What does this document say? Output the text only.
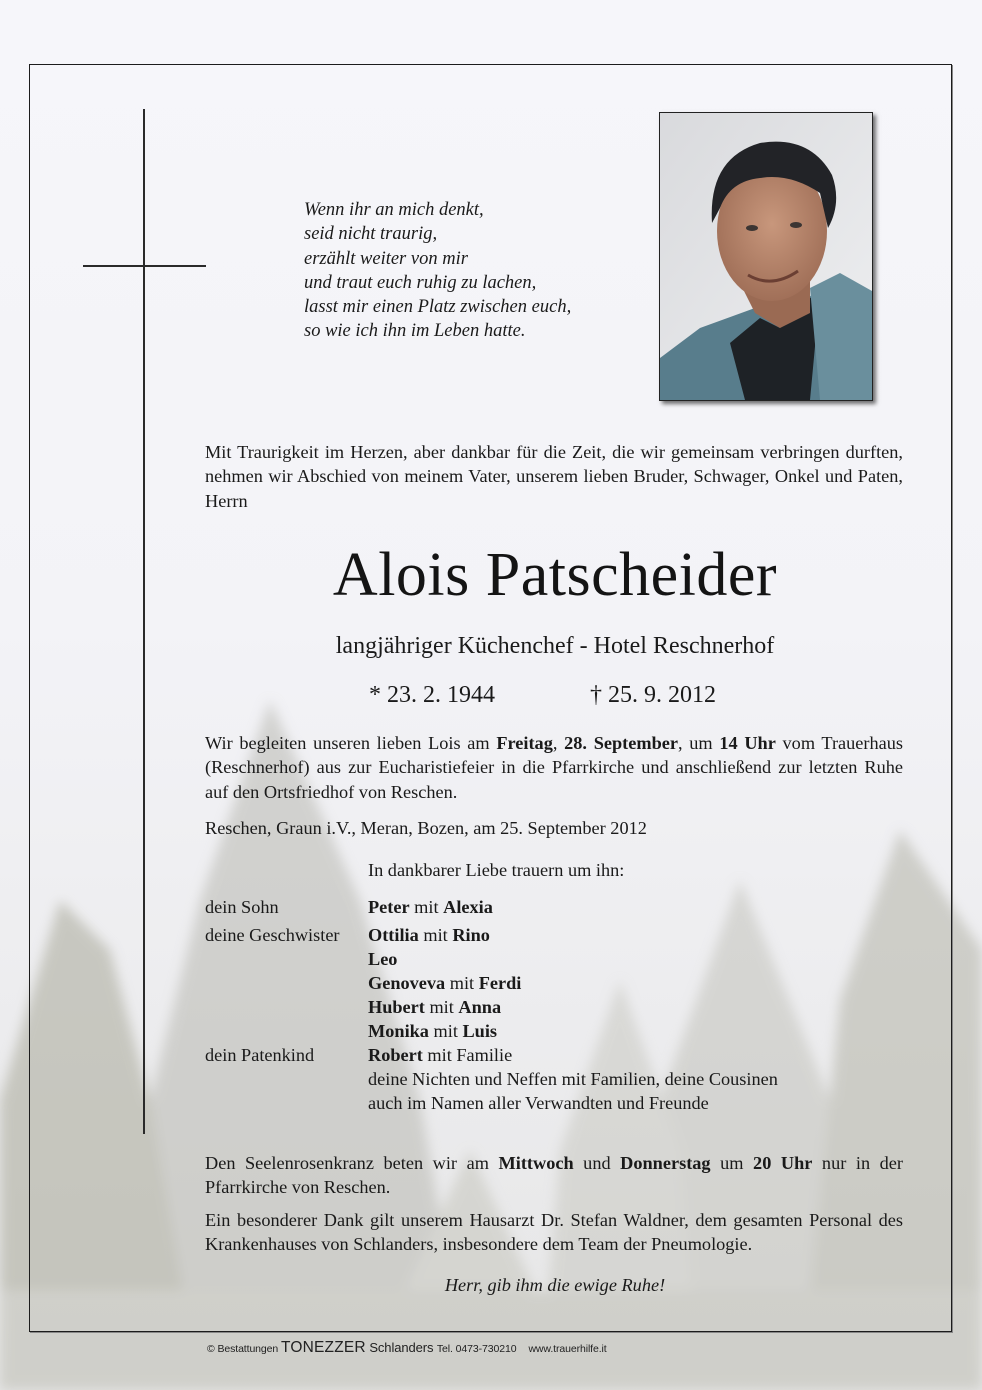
Wenn ihr an mich denkt,
seid nicht traurig,
erzählt weiter von mir
und traut euch ruhig zu lachen,
lasst mir einen Platz zwischen euch,
so wie ich ihn im Leben hatte.
Mit Traurigkeit im Herzen, aber dankbar für die Zeit, die wir gemeinsam verbringen durften, nehmen wir Abschied von meinem Vater, unserem lieben Bruder, Schwager, Onkel und Paten, Herrn
Alois Patscheider
langjähriger Küchenchef - Hotel Reschnerhof
* 23. 2. 1944	† 25. 9. 2012
Wir begleiten unseren lieben Lois am Freitag, 28. September, um 14 Uhr vom Trauerhaus (Reschnerhof) aus zur Eucharistiefeier in die Pfarrkirche und anschließend zur letzten Ruhe auf den Ortsfriedhof von Reschen.
Reschen, Graun i.V., Meran, Bozen, am 25. September 2012
In dankbarer Liebe trauern um ihn:
dein Sohn	Peter mit Alexia
deine Geschwister	Ottilia mit Rino
Leo
Genoveva mit Ferdi
Hubert mit Anna
Monika mit Luis
dein Patenkind	Robert mit Familie
deine Nichten und Neffen mit Familien, deine Cousinen
auch im Namen aller Verwandten und Freunde
Den Seelenrosenkranz beten wir am Mittwoch und Donnerstag um 20 Uhr nur in der Pfarrkirche von Reschen.
Ein besonderer Dank gilt unserem Hausarzt Dr. Stefan Waldner, dem gesamten Personal des Krankenhauses von Schlanders, insbesondere dem Team der Pneumologie.
Herr, gib ihm die ewige Ruhe!
© Bestattungen TONEZZER Schlanders Tel. 0473-730210 www.trauerhilfe.it
